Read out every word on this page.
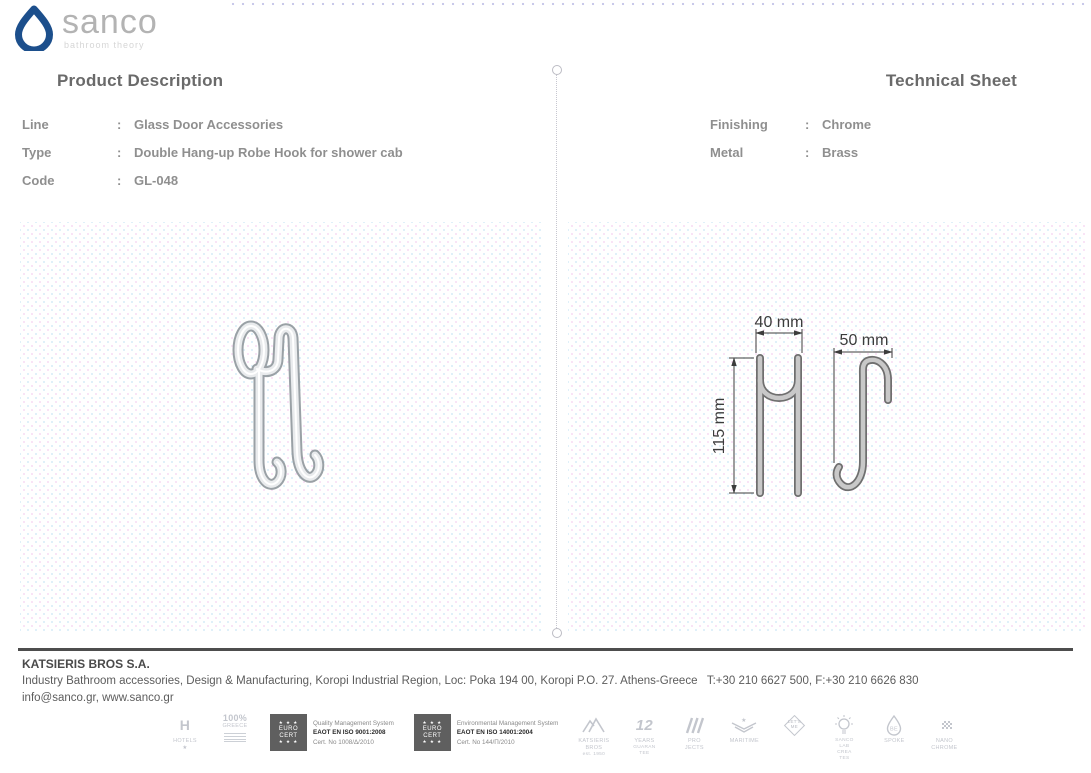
sanco
bathroom theory
Product Description	Technical Sheet
Line	: Glass Door Accessories
Type	: Double Hang-up Robe Hook for shower cab
Code	: GL-048
Finishing	: Chrome
Metal	: Brass
40 mm
115 mm
50 mm
KATSIERIS BROS S.A.
Industry Bathroom accessories, Design & Manufacturing, Koropi Industrial Region, Loc: Poka 194 00, Koropi P.O. 27. Athens-Greece   T:+30 210 6627 500, F:+30 210 6626 830
info@sanco.gr, www.sanco.gr
H
HOTELS
★
100%
GREECE
★ ★ ★
EURO
CERT
★ ★ ★
Quality Management System
EAOT EN ISO 9001:2008
Cert. No 1008/Δ/2010
★ ★ ★
EURO
CERT
★ ★ ★
Environmental Management System
EAOT EN ISO 14001:2004
Cert. No 144/Π/2010	KATSIERIS
BROS
est. 1950
12
YEARS
GUARAN
TEE
PRO
JECTS
★
MARITIME
LET'S
ME
SANCO
LAB
CREA
TES
BE
SPOKE	NANO
CHROME
